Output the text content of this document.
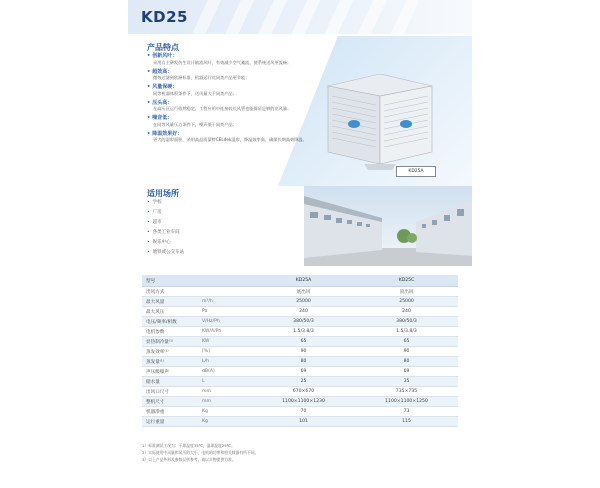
KD25
产品特点
• 创新风叶：
采用自主研发仿生设计轴流风叶，有效减少空气紊流，使系统送风更流畅；
• 超效高：
微效过滤到欧洲标准，机器运行比同类产品更节能；
• 风量保硬：
同等机器体积条件下，送风量大于同类产品；
• 压头高：
在高压区运行依然稳定，工程应用中连接较长风管也能保证足够的出风量；
• 噪音低：
在同等风量压力条件下，噪声低于同类产品；
• 降温效果好：
更大的湿帘面积，采用高品质蒙特CELdek湿帘，降温效率高，确保长期高效降温。
KD25A
适用场所
• 学校
• 厂房
• 超市
• 各类工业车间
• 娱乐中心
• 地铁或公交车站
型号		KD25A	KD25C
出风方式		底出风	顶出风
最大风量	m³/h	25000	25000
最大风压	Pa	240	240
电压/频率/相数	V/Hz/Ph	380/50/3	380/50/3
电机参数	KW/A/Ph	1.5/3.8/3	1.5/3.8/3
显热制冷量⁽¹⁾	KW	65	65
蒸发效率⁽¹⁾	[%]	90	90
蒸发量⁽¹⁾	L/h	80	80
声压级噪声	dB(A)	69	69
储水量	L	25	35
出风口尺寸	mm	670×670	735×735
整机尺寸	mm	1100×1100×1230	1100×1100×1250
机器净重	Kg	70	73
运行重量	Kg	101	115
1）标准测试工况为：干球温度35℃，湿球温度25℃。
2）实际使用中风量和风压的大小，电机的功率和相关数据有所不同。
3）以上产品外形及参数仅供参考，请以实物提供为准。
